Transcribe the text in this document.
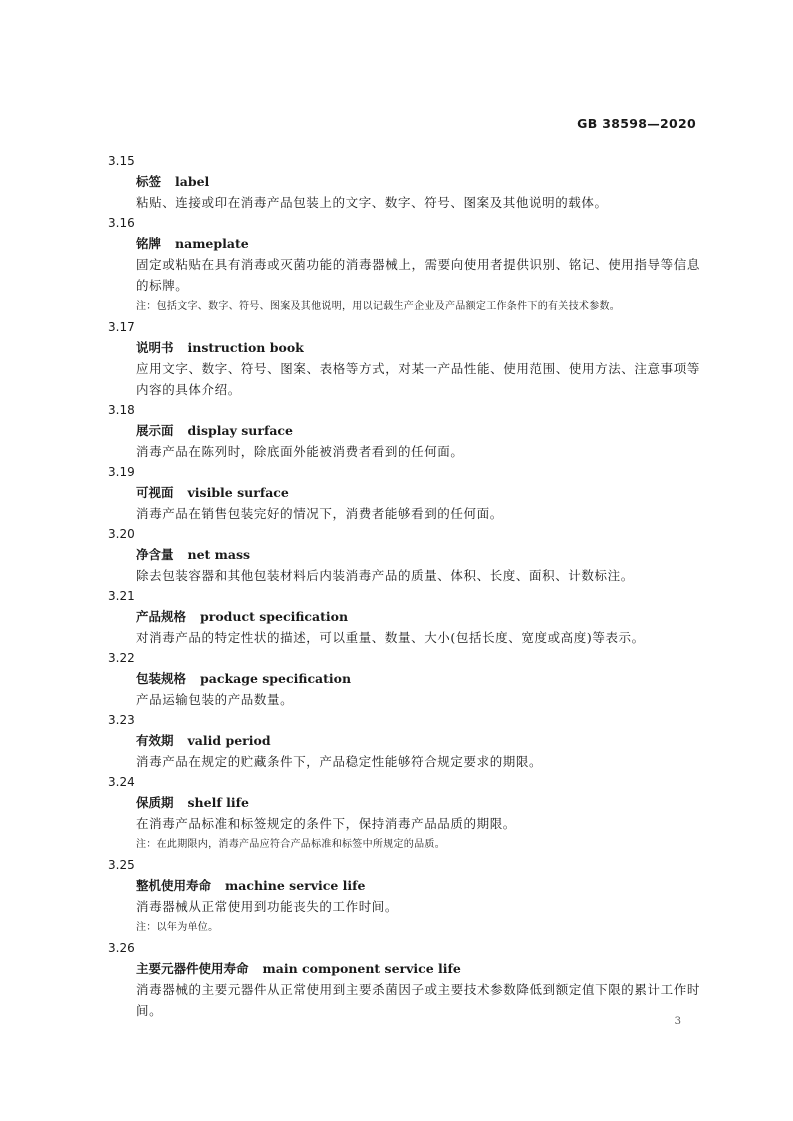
GB 38598—2020
3.15
标签 label
粘贴、连接或印在消毒产品包装上的文字、数字、符号、图案及其他说明的载体。
3.16
铭牌 nameplate
固定或粘贴在具有消毒或灭菌功能的消毒器械上，需要向使用者提供识别、铭记、使用指导等信息的标牌。
注：包括文字、数字、符号、图案及其他说明，用以记载生产企业及产品额定工作条件下的有关技术参数。
3.17
说明书 instruction book
应用文字、数字、符号、图案、表格等方式，对某一产品性能、使用范围、使用方法、注意事项等内容的具体介绍。
3.18
展示面 display surface
消毒产品在陈列时，除底面外能被消费者看到的任何面。
3.19
可视面 visible surface
消毒产品在销售包装完好的情况下，消费者能够看到的任何面。
3.20
净含量 net mass
除去包装容器和其他包装材料后内装消毒产品的质量、体积、长度、面积、计数标注。
3.21
产品规格 product specification
对消毒产品的特定性状的描述，可以重量、数量、大小(包括长度、宽度或高度)等表示。
3.22
包装规格 package specification
产品运输包装的产品数量。
3.23
有效期 valid period
消毒产品在规定的贮藏条件下，产品稳定性能够符合规定要求的期限。
3.24
保质期 shelf life
在消毒产品标准和标签规定的条件下，保持消毒产品品质的期限。
注：在此期限内，消毒产品应符合产品标准和标签中所规定的品质。
3.25
整机使用寿命 machine service life
消毒器械从正常使用到功能丧失的工作时间。
注：以年为单位。
3.26
主要元器件使用寿命 main component service life
消毒器械的主要元器件从正常使用到主要杀菌因子或主要技术参数降低到额定值下限的累计工作时间。
3
